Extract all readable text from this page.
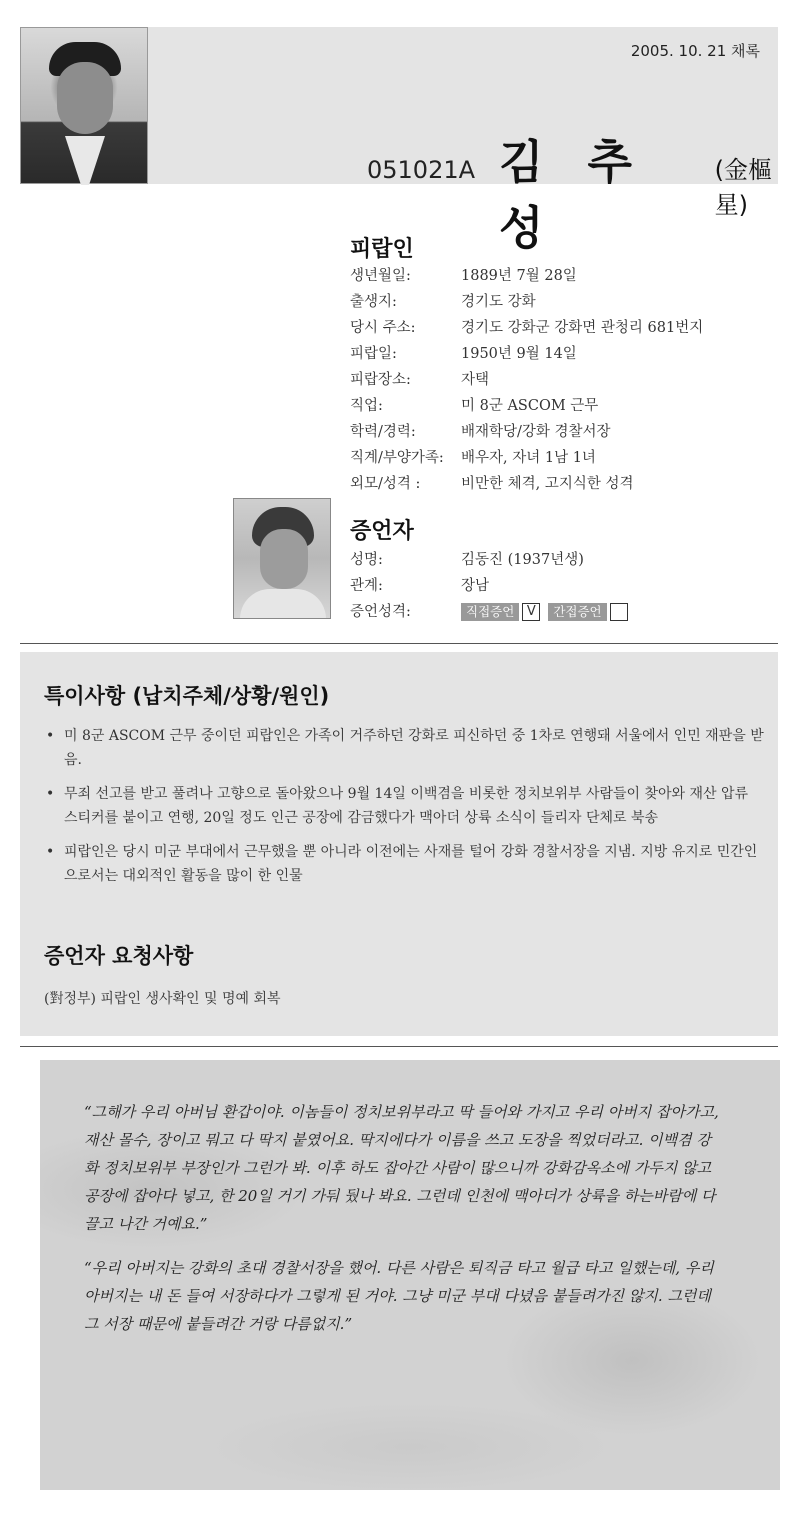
2005. 10. 21 채록
051021A 김 추 성
(金樞星)
피랍인
생년월일:	1889년 7월 28일
출생지:	경기도 강화
당시 주소:	경기도 강화군 강화면 관청리 681번지
피랍일:	1950년 9월 14일
피랍장소:	자택
직업:	미 8군 ASCOM 근무
학력/경력:	배재학당/강화 경찰서장
직계/부양가족:	배우자, 자녀 1남 1녀
외모/성격 :	비만한 체격, 고지식한 성격
증언자
성명:	김동진 (1937년생)
관계:	장남
증언성격:	직접증언 V 간접증언
특이사항 (납치주체/상황/원인)
• 미 8군 ASCOM 근무 중이던 피랍인은 가족이 거주하던 강화로 피신하던 중 1차로 연행돼 서울에서 인민 재판을 받음.
• 무죄 선고를 받고 풀려나 고향으로 돌아왔으나 9월 14일 이백겸을 비롯한 정치보위부 사람들이 찾아와 재산 압류 스티커를 붙이고 연행, 20일 정도 인근 공장에 감금했다가 맥아더 상륙 소식이 들리자 단체로 북송
• 피랍인은 당시 미군 부대에서 근무했을 뿐 아니라 이전에는 사재를 털어 강화 경찰서장을 지냄. 지방 유지로 민간인으로서는 대외적인 활동을 많이 한 인물
증언자 요청사항
(對정부) 피랍인 생사확인 및 명예 회복
“그해가 우리 아버님 환갑이야. 이놈들이 정치보위부라고 딱 들어와 가지고 우리 아버지 잡아가고, 재산 몰수, 장이고 뭐고 다 딱지 붙였어요. 딱지에다가 이름을 쓰고 도장을 찍었더라고. 이백겸 강화 정치보위부 부장인가 그런가 봐. 이후 하도 잡아간 사람이 많으니까 강화감옥소에 가두지 않고 공장에 잡아다 넣고, 한 20일 거기 가둬 뒀나 봐요. 그런데 인천에 맥아더가 상륙을 하는바람에 다 끌고 나간 거예요.”
“우리 아버지는 강화의 초대 경찰서장을 했어. 다른 사람은 퇴직금 타고 월급 타고 일했는데, 우리 아버지는 내 돈 들여 서장하다가 그렇게 된 거야. 그냥 미군 부대 다녔음 붙들려가진 않지. 그런데 그 서장 때문에 붙들려간 거랑 다름없지.”
